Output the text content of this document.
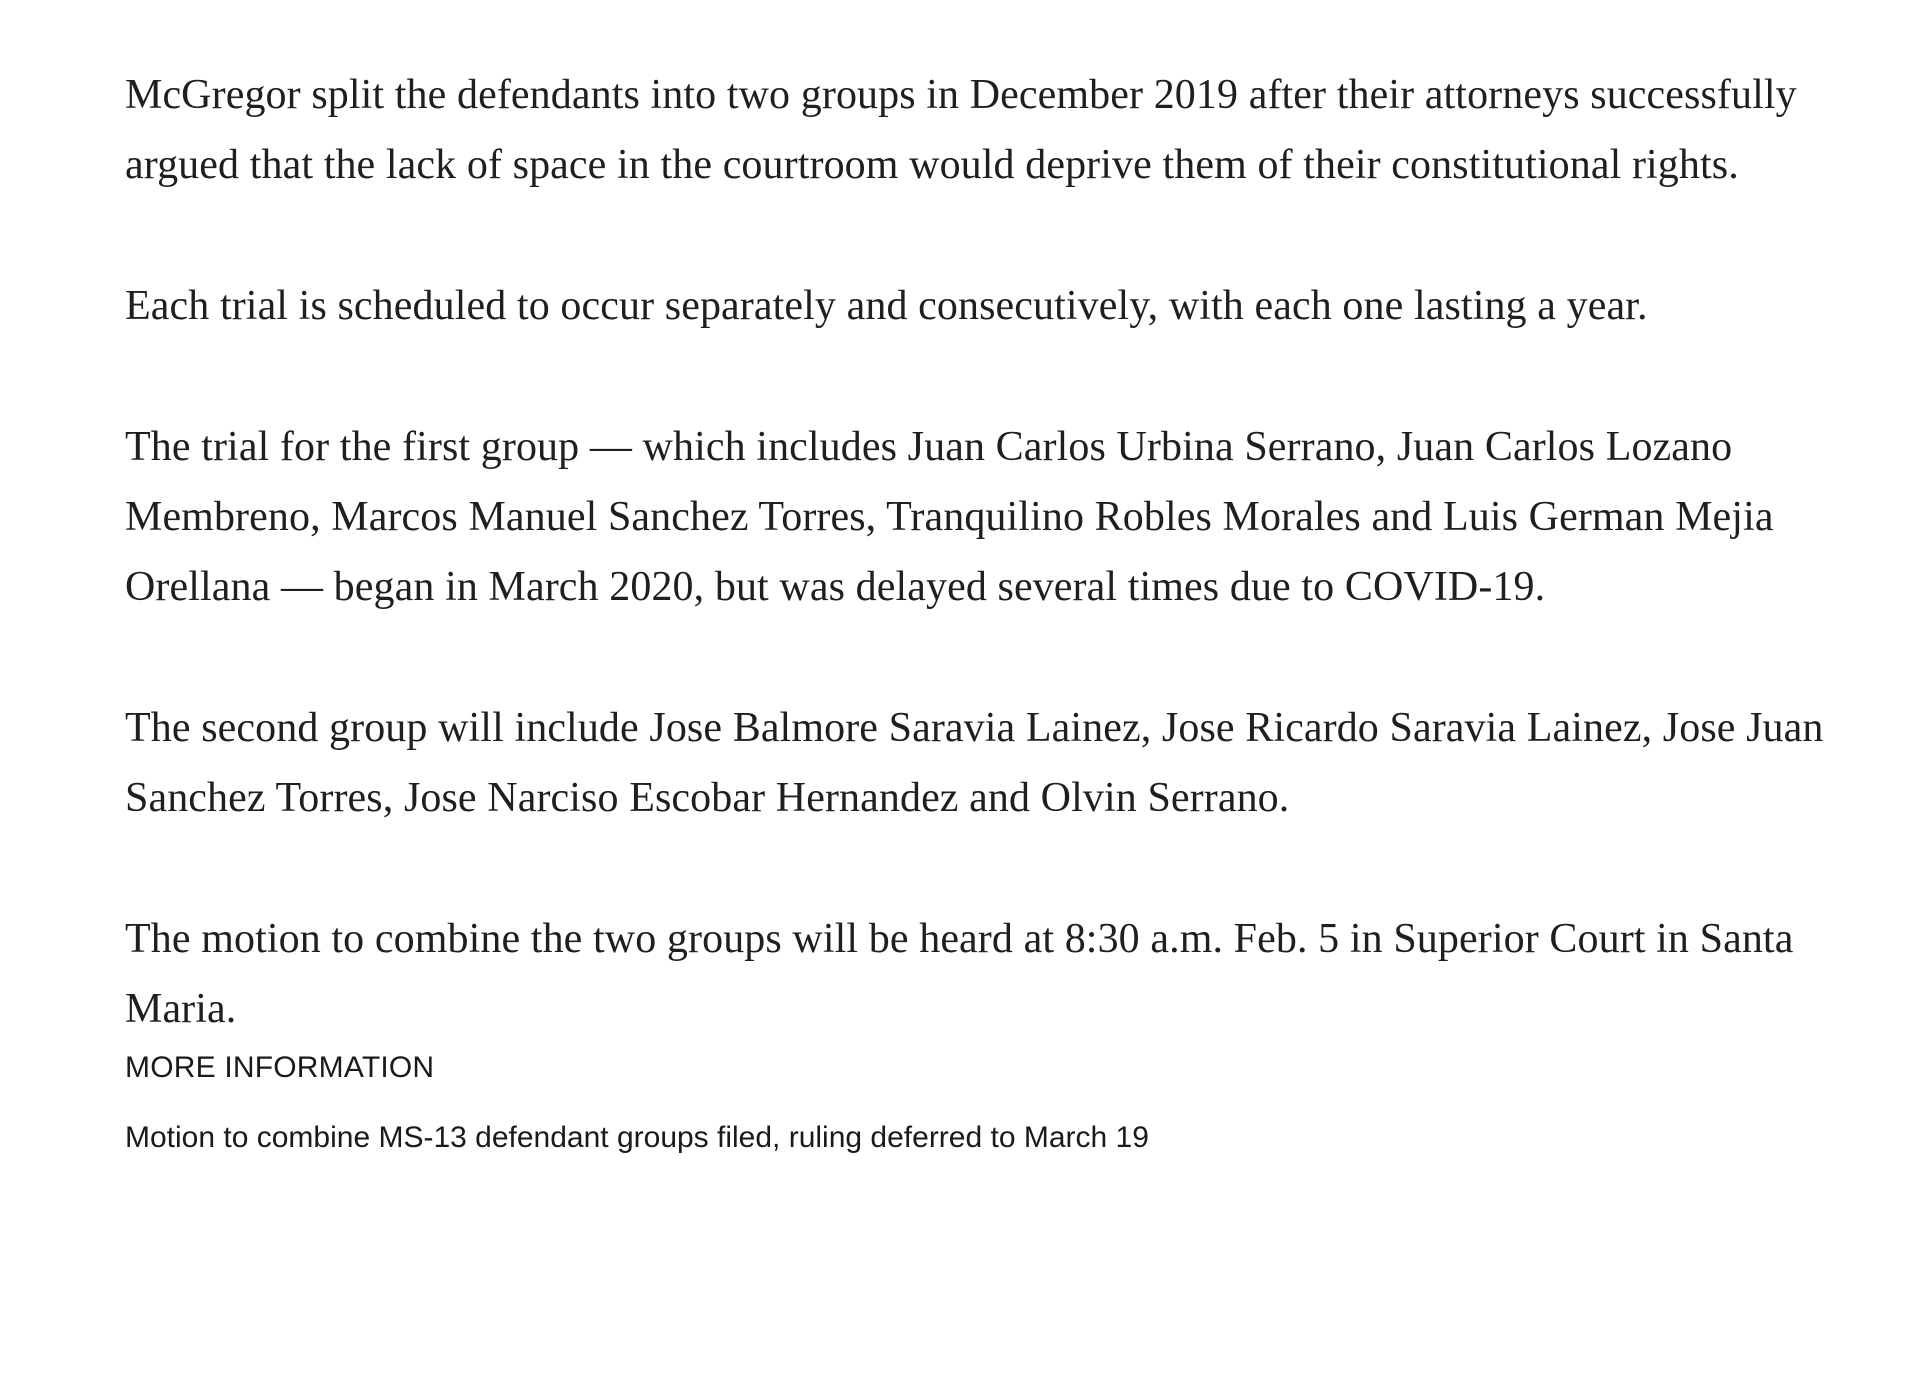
McGregor split the defendants into two groups in December 2019 after their attorneys successfully argued that the lack of space in the courtroom would deprive them of their constitutional rights.

Each trial is scheduled to occur separately and consecutively, with each one lasting a year.

The trial for the first group — which includes Juan Carlos Urbina Serrano, Juan Carlos Lozano Membreno, Marcos Manuel Sanchez Torres, Tranquilino Robles Morales and Luis German Mejia Orellana — began in March 2020, but was delayed several times due to COVID-19.

The second group will include Jose Balmore Saravia Lainez, Jose Ricardo Saravia Lainez, Jose Juan Sanchez Torres, Jose Narciso Escobar Hernandez and Olvin Serrano.

The motion to combine the two groups will be heard at 8:30 a.m. Feb. 5 in Superior Court in Santa Maria.

MORE INFORMATION
Motion to combine MS-13 defendant groups filed, ruling deferred to March 19
